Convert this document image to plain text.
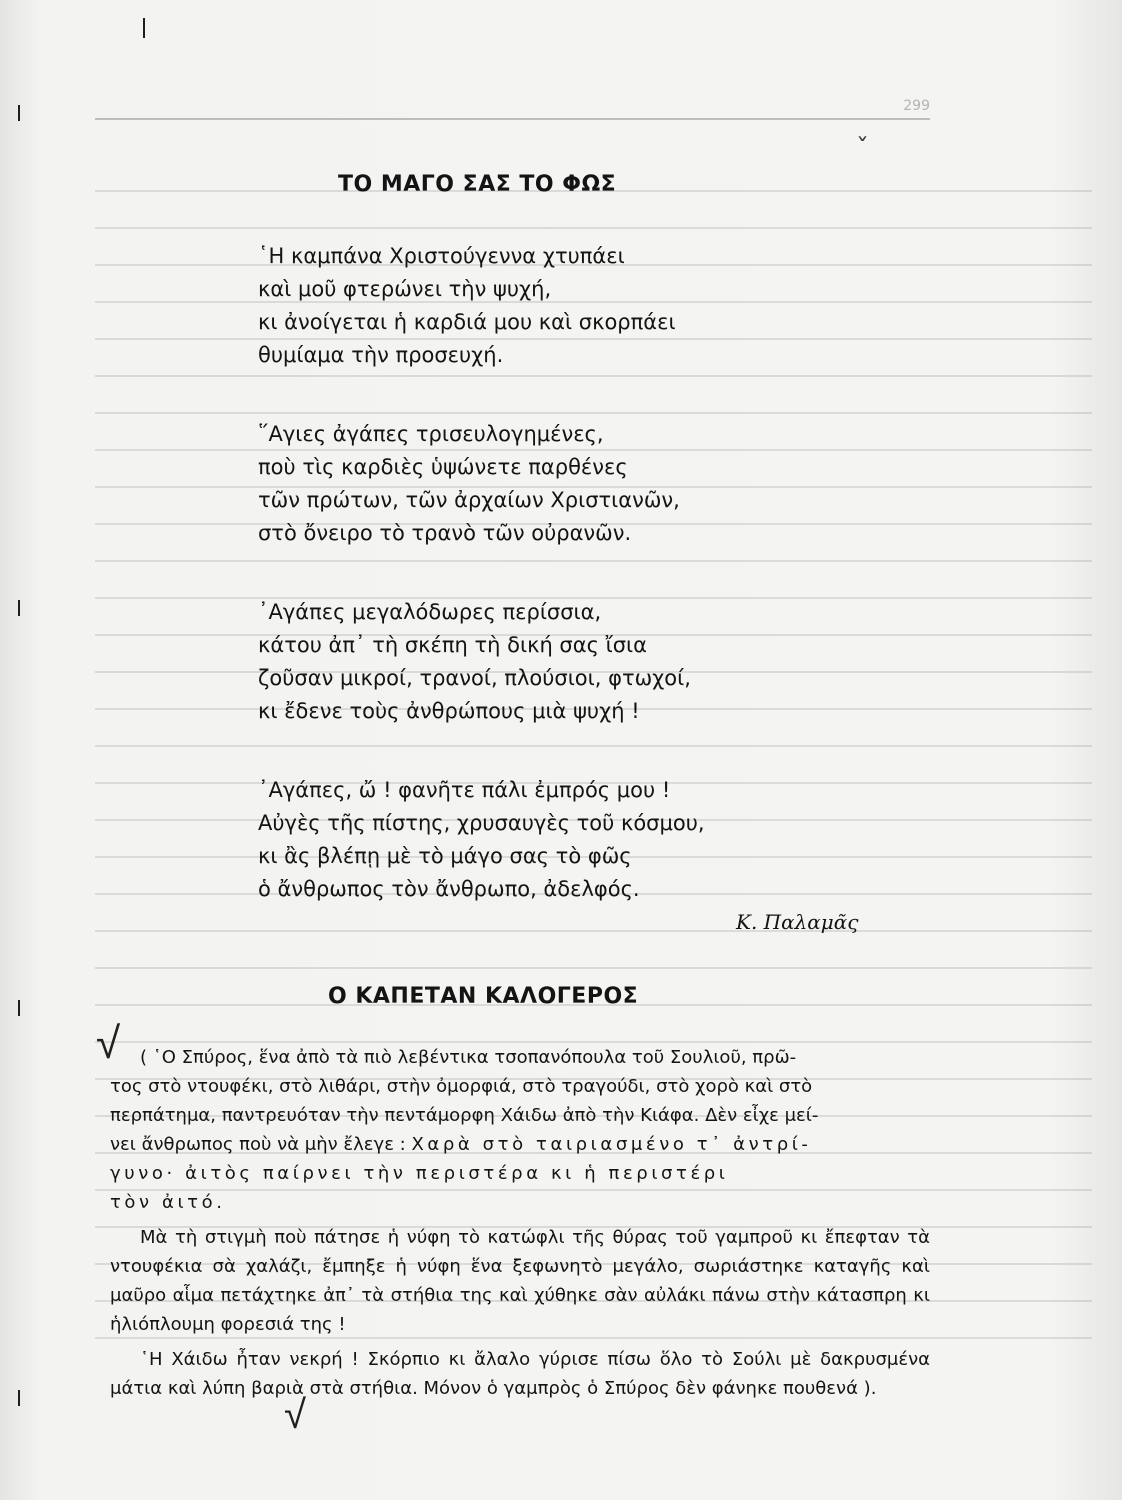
299
ˇ
ΤΟ ΜΑΓΟ ΣΑΣ ΤΟ ΦΩΣ
῾Η καμπάνα Χριστούγεννα χτυπάει
καὶ μοῦ φτερώνει τὴν ψυχή,
κι ἀνοίγεται ἡ καρδιά μου καὶ σκορπάει
θυμίαμα τὴν προσευχή.
῞Αγιες ἀγάπες τρισευλογημένες,
ποὺ τὶς καρδιὲς ὑψώνετε παρθένες
τῶν πρώτων, τῶν ἀρχαίων Χριστιανῶν,
στὸ ὄνειρο τὸ τρανὸ τῶν οὐρανῶν.
᾿Αγάπες μεγαλόδωρες περίσσια,
κάτου ἀπ᾿ τὴ σκέπη τὴ δική σας ἴσια
ζοῦσαν μικροί, τρανοί, πλούσιοι, φτωχοί,
κι ἔδενε τοὺς ἀνθρώπους μιὰ ψυχή !
᾿Αγάπες, ὤ ! φανῆτε πάλι ἐμπρός μου !
Αὐγὲς τῆς πίστης, χρυσαυγὲς τοῦ κόσμου,
κι ἂς βλέπῃ μὲ τὸ μάγο σας τὸ φῶς
ὁ ἄνθρωπος τὸν ἄνθρωπο, ἀδελφός.
Κ. Παλαμᾶς
Ο ΚΑΠΕΤΑΝ ΚΑΛΟΓΕΡΟΣ
√
√

( ῾Ο Σπύρος, ἕνα ἀπὸ τὰ πιὸ λεβέντικα τσοπανόπουλα τοῦ Σουλιοῦ, πρῶ-
τος στὸ ντουφέκι, στὸ λιθάρι, στὴν ὀμορφιά, στὸ τραγούδι, στὸ χορὸ καὶ στὸ
περπάτημα, παντρευόταν τὴν πεντάμορφη Χάιδω ἀπὸ τὴν Κιάφα. Δὲν εἶχε μεί-
νει ἄνθρωπος ποὺ νὰ μὴν ἔλεγε : Χαρὰ στὸ ταιριασμένο τ᾿ ἀντρί-
γυνο· ἀιτὸς παίρνει τὴν περιστέρα κι ἡ περιστέρι
τὸν ἀιτό.

Μὰ τὴ στιγμὴ ποὺ πάτησε ἡ νύφη τὸ κατώφλι τῆς θύρας τοῦ γαμπροῦ κι ἔπεφταν τὰ ντουφέκια σὰ χαλάζι, ἔμπηξε ἡ νύφη ἕνα ξεφωνητὸ μεγάλο, σωριάστηκε καταγῆς καὶ μαῦρο αἷμα πετάχτηκε ἀπ᾿ τὰ στήθια της καὶ χύθηκε σὰν αὐλάκι πάνω στὴν κάτασπρη κι ἡλιόπλουμη φορεσιά της !

῾Η Χάιδω ἦταν νεκρή ! Σκόρπιο κι ἄλαλο γύρισε πίσω ὅλο τὸ Σούλι μὲ δακρυσμένα μάτια καὶ λύπη βαριὰ στὰ στήθια. Μόνον ὁ γαμπρὸς ὁ Σπύρος δὲν φάνηκε πουθενά ).
